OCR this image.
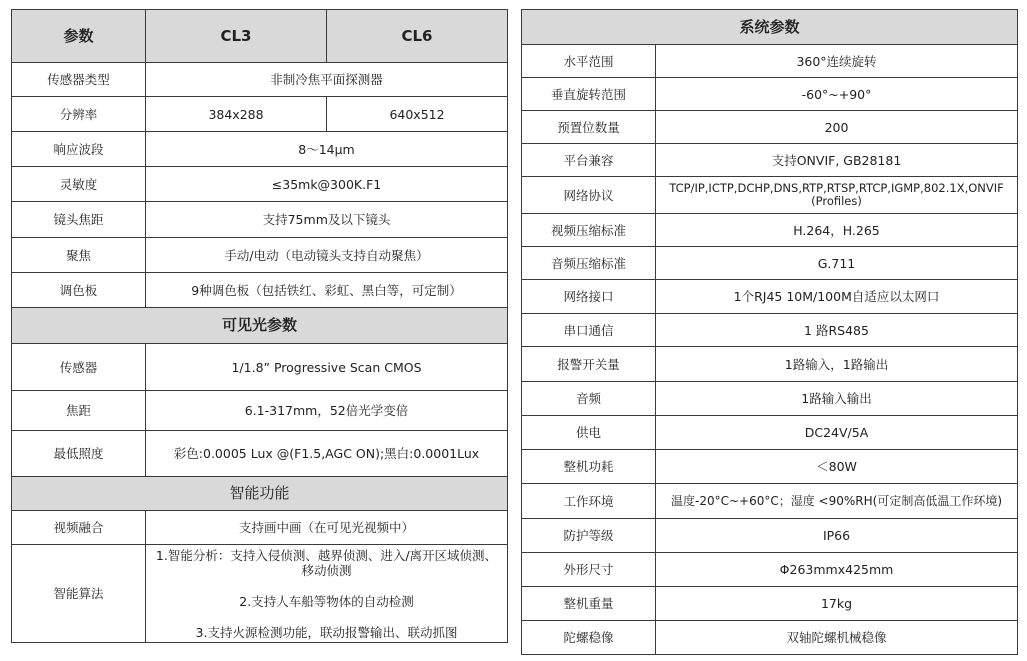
参数	CL3	CL6
传感器类型	非制冷焦平面探测器	
分辨率	384x288	640x512
响应波段	8～14μm	
灵敏度	≤35mk@300K.F1	
镜头焦距	支持75mm及以下镜头	
聚焦	手动/电动（电动镜头支持自动聚焦）	
调色板	9种调色板（包括铁红、彩虹、黑白等，可定制）	
可见光参数		
传感器	1/1.8” Progressive Scan CMOS	
焦距	6.1-317mm，52倍光学变倍	
最低照度	彩色:0.0005 Lux @(F1.5,AGC ON);黑白:0.0001Lux	
智能功能		
视频融合	支持画中画（在可见光视频中）	
智能算法	1.智能分析：支持入侵侦测、越界侦测、进入/离开区域侦测、
移动侦测
2.支持人车船等物体的自动检测
3.支持火源检测功能，联动报警输出、联动抓图	
系统参数	
水平范围	360°连续旋转
垂直旋转范围	-60°~+90°
预置位数量	200
平台兼容	支持ONVIF, GB28181
网络协议	TCP/IP,ICTP,DCHP,DNS,RTP,RTSP,RTCP,IGMP,802.1X,ONVIF
(Profiles)

视频压缩标准	H.264，H.265
音频压缩标准	G.711
网络接口	1个RJ45 10M/100M自适应以太网口
串口通信	1 路RS485
报警开关量	1路输入，1路输出
音频	1路输入输出
供电	DC24V/5A
整机功耗	＜80W
工作环境	温度-20°C~+60°C；湿度 <90%RH(可定制高低温工作环境)
防护等级	IP66
外形尺寸	Φ263mmx425mm
整机重量	17kg
陀螺稳像	双轴陀螺机械稳像
